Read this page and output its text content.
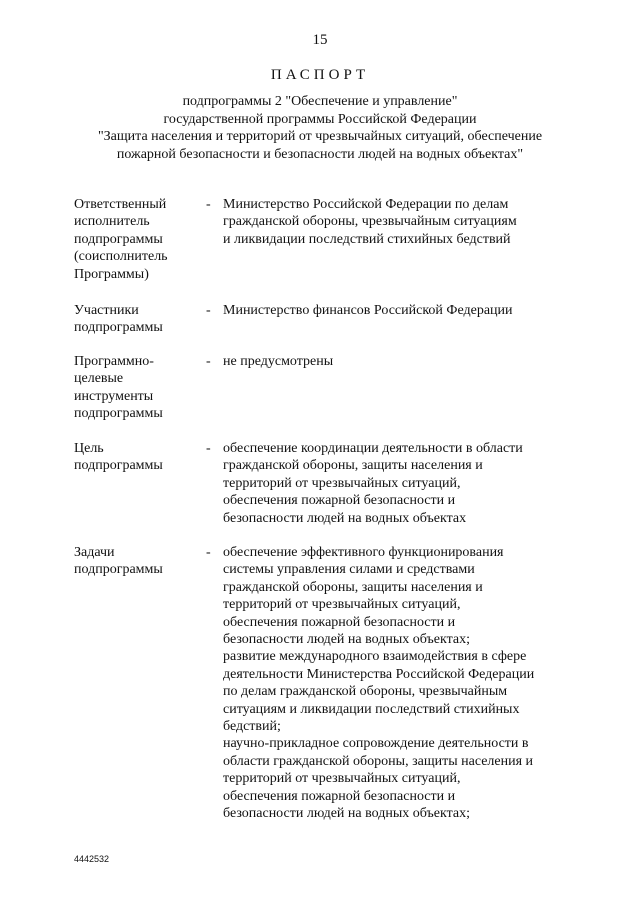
15
ПАСПОРТ
подпрограммы 2 "Обеспечение и управление"
государственной программы Российской Федерации
"Защита населения и территорий от чрезвычайных ситуаций, обеспечение
пожарной безопасности и безопасности людей на водных объектах"
Ответственный
исполнитель
подпрограммы
(соисполнитель
Программы)
- Министерство Российской Федерации по делам
гражданской обороны, чрезвычайным ситуациям
и ликвидации последствий стихийных бедствий
Участники
подпрограммы
- Министерство финансов Российской Федерации
Программно-
целевые
инструменты
подпрограммы
- не предусмотрены
Цель
подпрограммы
- обеспечение координации деятельности в области
гражданской обороны, защиты населения и
территорий от чрезвычайных ситуаций,
обеспечения пожарной безопасности и
безопасности людей на водных объектах
Задачи
подпрограммы
- обеспечение эффективного функционирования
системы управления силами и средствами
гражданской обороны, защиты населения и
территорий от чрезвычайных ситуаций,
обеспечения пожарной безопасности и
безопасности людей на водных объектах;
развитие международного взаимодействия в сфере
деятельности Министерства Российской Федерации
по делам гражданской обороны, чрезвычайным
ситуациям и ликвидации последствий стихийных
бедствий;
научно-прикладное сопровождение деятельности в
области гражданской обороны, защиты населения и
территорий от чрезвычайных ситуаций,
обеспечения пожарной безопасности и
безопасности людей на водных объектах;
4442532
